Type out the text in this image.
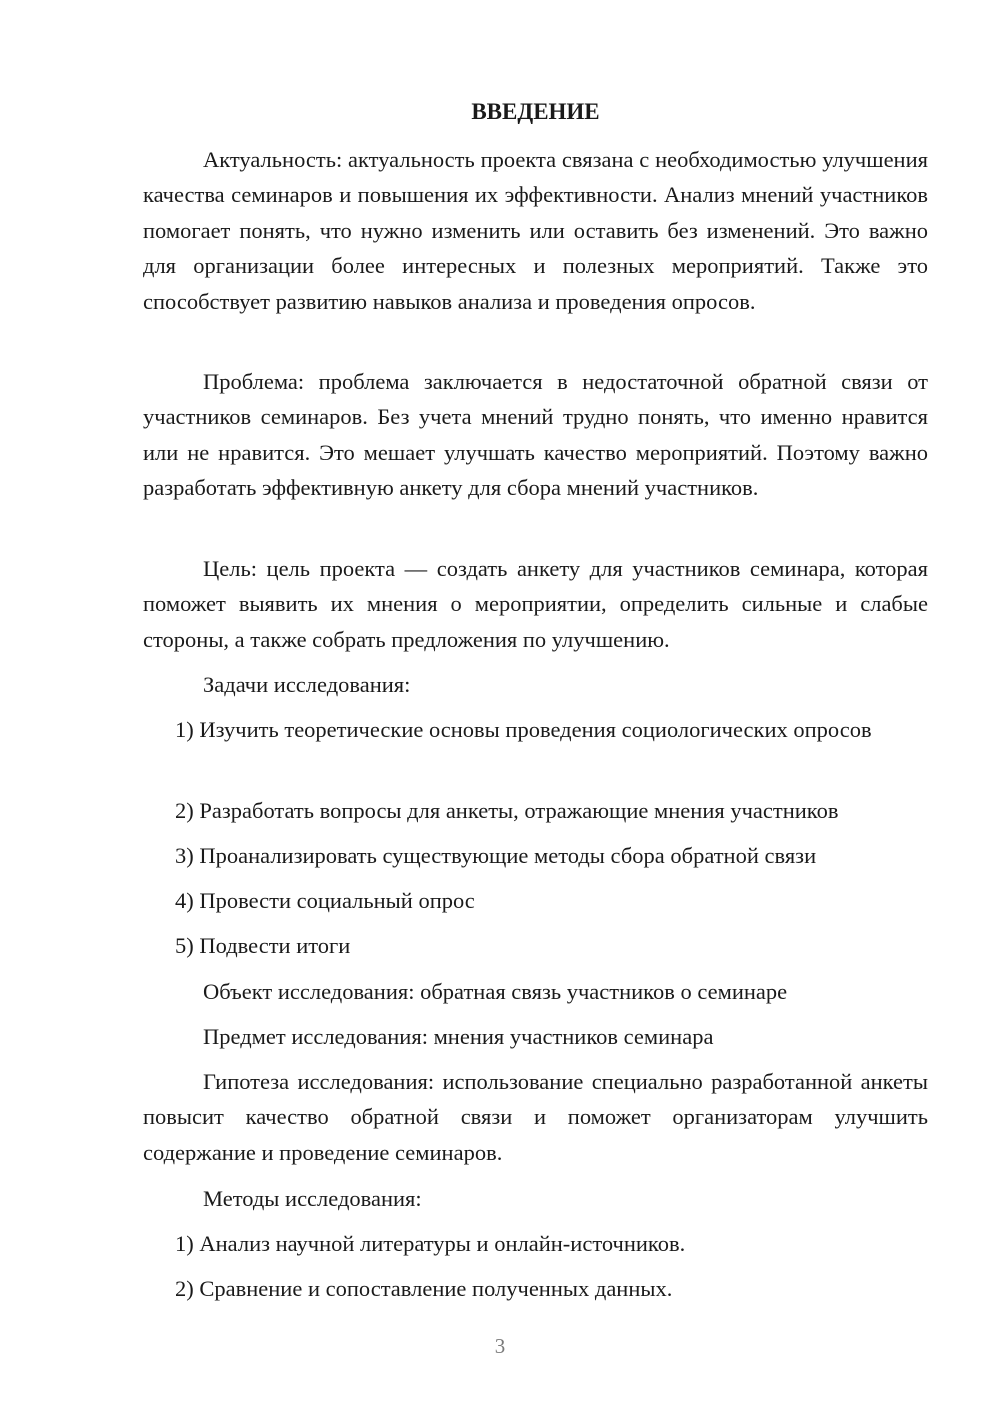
ВВЕДЕНИЕ

Актуальность: актуальность проекта связана с необходимостью улучшения качества семинаров и повышения их эффективности. Анализ мнений участников помогает понять, что нужно изменить или оставить без изменений. Это важно для организации более интересных и полезных мероприятий. Также это способствует развитию навыков анализа и проведения опросов.

Проблема: проблема заключается в недостаточной обратной связи от участников семинаров. Без учета мнений трудно понять, что именно нравится или не нравится. Это мешает улучшать качество мероприятий. Поэтому важно разработать эффективную анкету для сбора мнений участников.

Цель: цель проекта — создать анкету для участников семинара, которая поможет выявить их мнения о мероприятии, определить сильные и слабые стороны, а также собрать предложения по улучшению.

Задачи исследования:

1) Изучить теоретические основы проведения социологических опросов

2) Разработать вопросы для анкеты, отражающие мнения участников

3) Проанализировать существующие методы сбора обратной связи

4) Провести социальный опрос

5) Подвести итоги

Объект исследования: обратная связь участников о семинаре

Предмет исследования: мнения участников семинара

Гипотеза исследования: использование специально разработанной анкеты повысит качество обратной связи и поможет организаторам улучшить содержание и проведение семинаров.

Методы исследования:

1) Анализ научной литературы и онлайн-источников.

2) Сравнение и сопоставление полученных данных.

3
